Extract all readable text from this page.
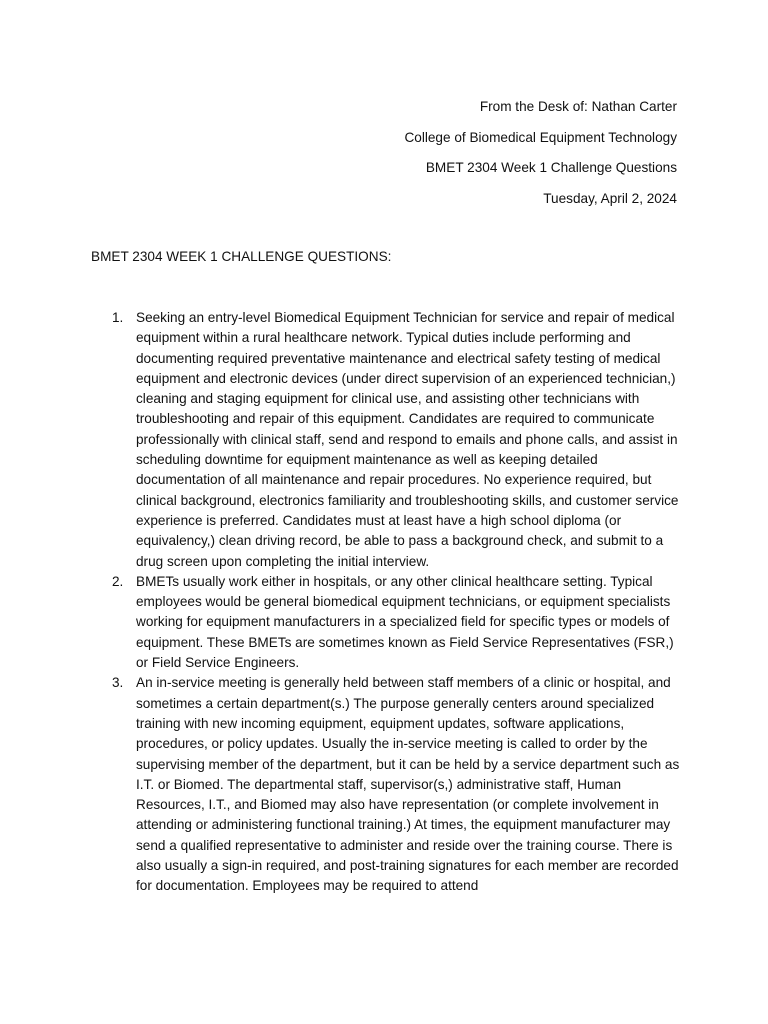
From the Desk of: Nathan Carter
College of Biomedical Equipment Technology
BMET 2304 Week 1 Challenge Questions
Tuesday, April 2, 2024
BMET 2304 WEEK 1 CHALLENGE QUESTIONS:
1. Seeking an entry-level Biomedical Equipment Technician for service and repair of medical equipment within a rural healthcare network. Typical duties include performing and documenting required preventative maintenance and electrical safety testing of medical equipment and electronic devices (under direct supervision of an experienced technician,) cleaning and staging equipment for clinical use, and assisting other technicians with troubleshooting and repair of this equipment. Candidates are required to communicate professionally with clinical staff, send and respond to emails and phone calls, and assist in scheduling downtime for equipment maintenance as well as keeping detailed documentation of all maintenance and repair procedures. No experience required, but clinical background, electronics familiarity and troubleshooting skills, and customer service experience is preferred. Candidates must at least have a high school diploma (or equivalency,) clean driving record, be able to pass a background check, and submit to a drug screen upon completing the initial interview.
2. BMETs usually work either in hospitals, or any other clinical healthcare setting. Typical employees would be general biomedical equipment technicians, or equipment specialists working for equipment manufacturers in a specialized field for specific types or models of equipment. These BMETs are sometimes known as Field Service Representatives (FSR,) or Field Service Engineers.
3. An in-service meeting is generally held between staff members of a clinic or hospital, and sometimes a certain department(s.) The purpose generally centers around specialized training with new incoming equipment, equipment updates, software applications, procedures, or policy updates. Usually the in-service meeting is called to order by the supervising member of the department, but it can be held by a service department such as I.T. or Biomed. The departmental staff, supervisor(s,) administrative staff, Human Resources, I.T., and Biomed may also have representation (or complete involvement in attending or administering functional training.) At times, the equipment manufacturer may send a qualified representative to administer and reside over the training course. There is also usually a sign-in required, and post-training signatures for each member are recorded for documentation. Employees may be required to attend
